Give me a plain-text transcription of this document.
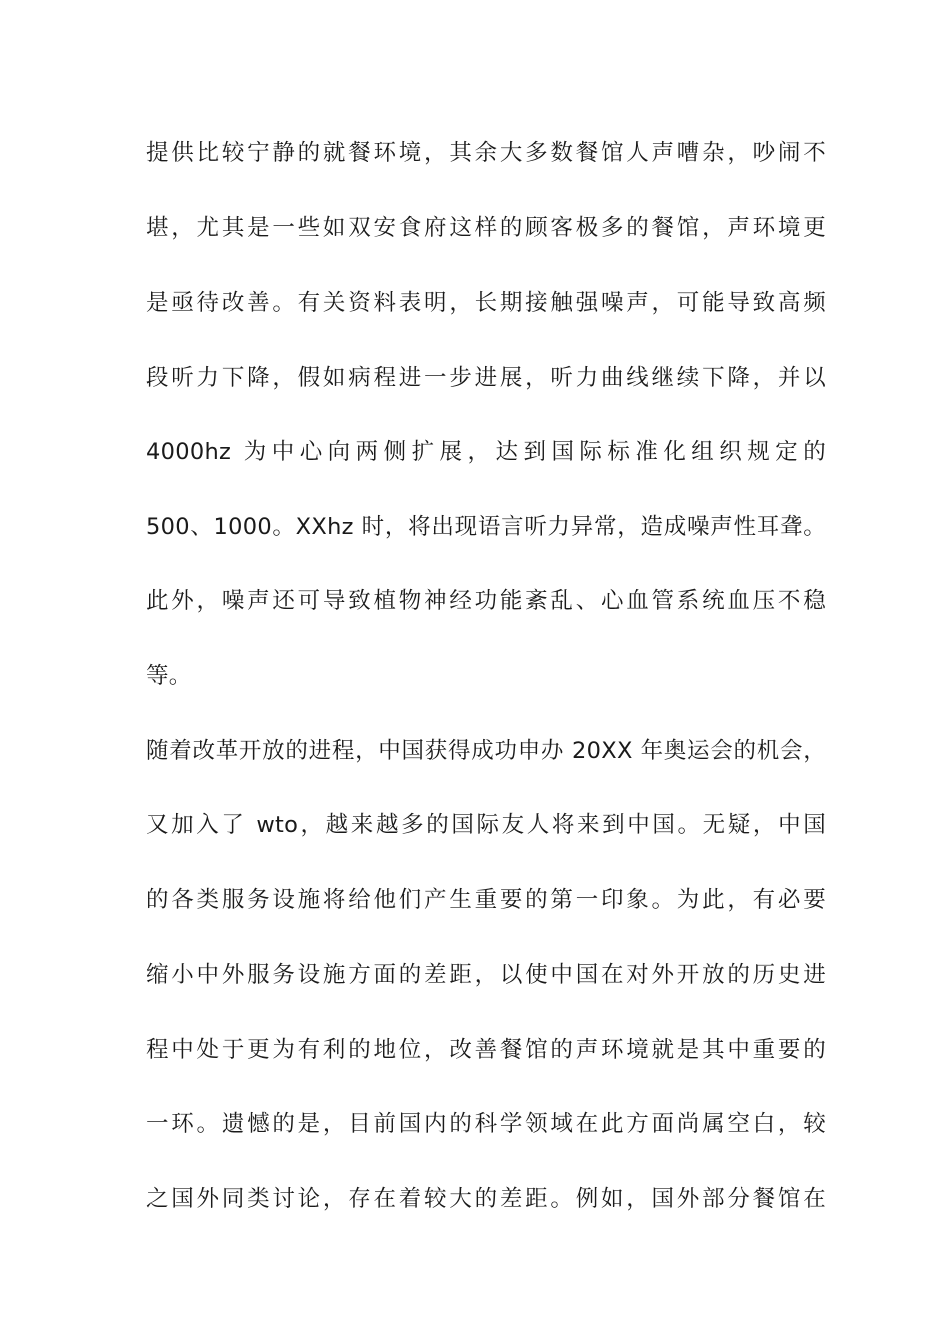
提供比较宁静的就餐环境，其余大多数餐馆人声嘈杂，吵闹不
堪，尤其是一些如双安食府这样的顾客极多的餐馆，声环境更
是亟待改善。有关资料表明，长期接触强噪声，可能导致高频
段听力下降，假如病程进一步进展，听力曲线继续下降，并以
4000hz 为中心向两侧扩展，达到国际标准化组织规定的
500、1000。XXhz 时，将出现语言听力异常，造成噪声性耳聋。
此外，噪声还可导致植物神经功能紊乱、心血管系统血压不稳
等。
随着改革开放的进程，中国获得成功申办 20XX 年奥运会的机会，
又加入了 wto，越来越多的国际友人将来到中国。无疑，中国
的各类服务设施将给他们产生重要的第一印象。为此，有必要
缩小中外服务设施方面的差距，以使中国在对外开放的历史进
程中处于更为有利的地位，改善餐馆的声环境就是其中重要的
一环。遗憾的是，目前国内的科学领域在此方面尚属空白，较
之国外同类讨论，存在着较大的差距。例如，国外部分餐馆在
